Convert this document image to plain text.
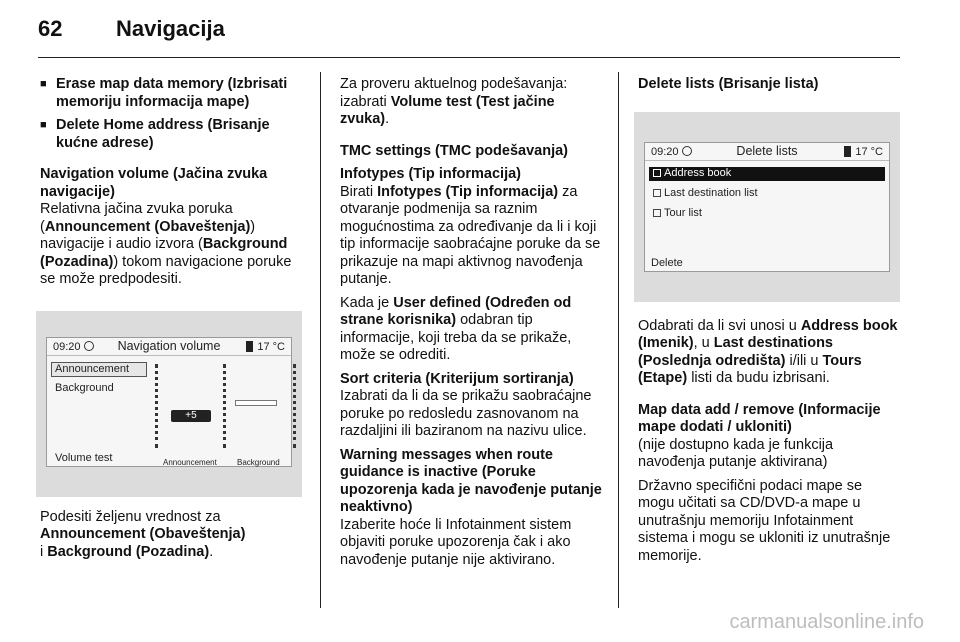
62 Navigacija
■ Erase map data memory (Izbrisati memoriju informacija mape)
■ Delete Home address (Brisanje kućne adrese)
Navigation volume (Jačina zvuka navigacije)
Relativna jačina zvuka poruka (Announcement (Obaveštenja)) navigacije i audio izvora (Background (Pozadina)) tokom navigacione poruke se može predpodesiti.
09:20	Navigation volume	17 °C
Announcement
Background
Volume test
+5
Announcement	Background
Podesiti željenu vrednost za
Announcement (Obaveštenja)
i Background (Pozadina).
Za proveru aktuelnog podešavanja: izabrati Volume test (Test jačine zvuka).
TMC settings (TMC podešavanja)
Infotypes (Tip informacija)
Birati Infotypes (Tip informacija) za otvaranje podmenija sa raznim mogućnostima za određivanje da li i koji tip informacije saobraćajne poruke da se prikazuje na mapi aktivnog navođenja putanje.
Kada je User defined (Određen od strane korisnika) odabran tip informacije, koji treba da se prikaže, može se odrediti.
Sort criteria (Kriterijum sortiranja)
Izabrati da li da se prikažu saobraćajne poruke po redosledu zasnovanom na razdaljini ili baziranom na nazivu ulice.
Warning messages when route guidance is inactive (Poruke upozorenja kada je navođenje putanje neaktivno)
Izaberite hoće li Infotainment sistem objaviti poruke upozorenja čak i ako navođenje putanje nije aktivirano.
Delete lists (Brisanje lista)
09:20	Delete lists	17 °C
Address book
Last destination list
Tour list
Delete
Odabrati da li svi unosi u Address book (Imenik), u Last destinations (Poslednja odredišta) i/ili u Tours (Etape) listi da budu izbrisani.
Map data add / remove (Informacije mape dodati / ukloniti)
(nije dostupno kada je funkcija navođenja putanje aktivirana)
Državno specifični podaci mape se mogu učitati sa CD/DVD-a mape u unutrašnju memoriju Infotainment sistema i mogu se ukloniti iz unutrašnje memorije.
carmanualsonline.info
